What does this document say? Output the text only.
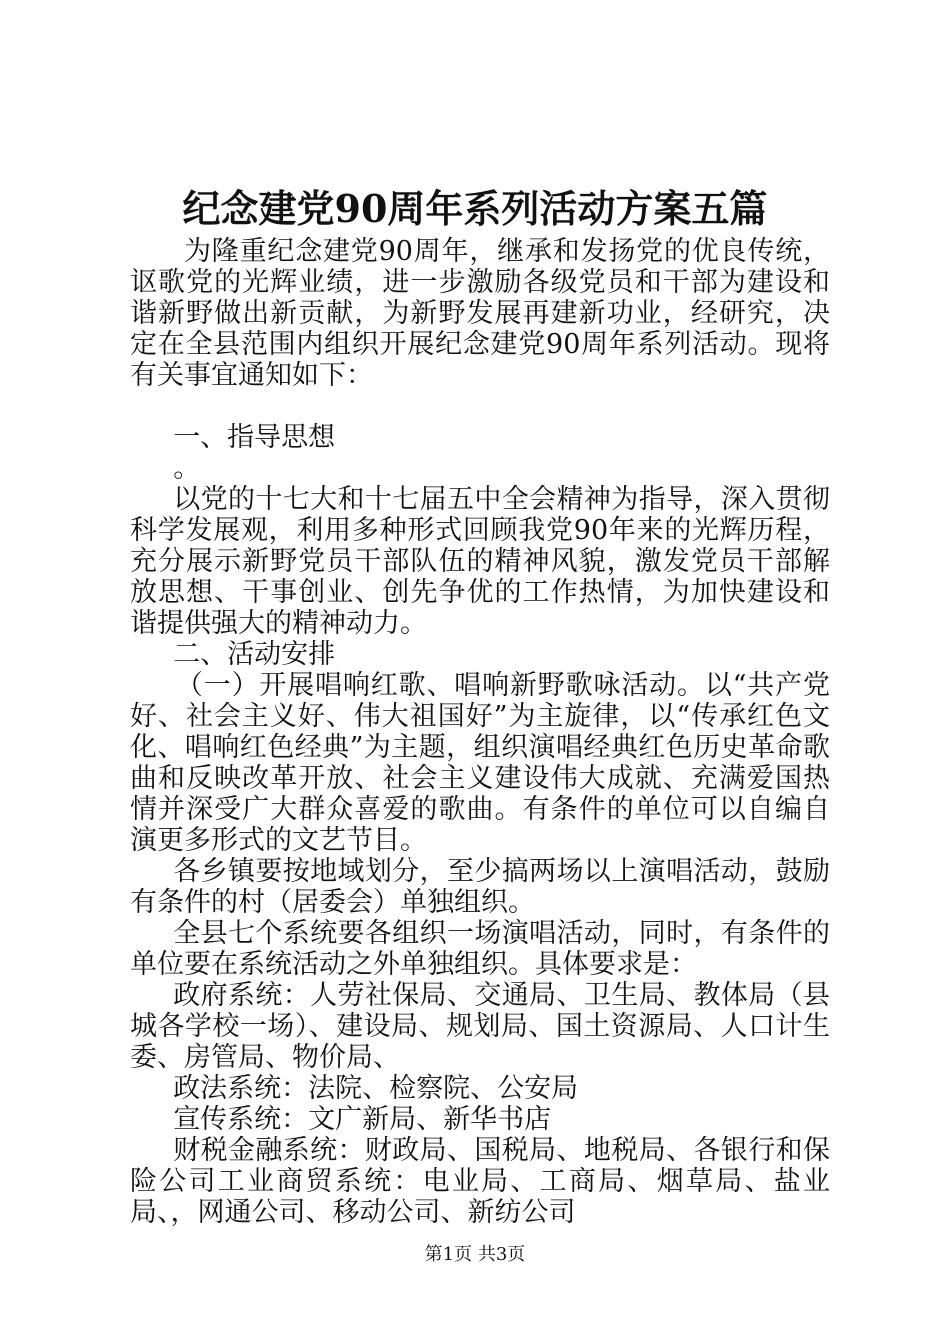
纪念建党90周年系列活动方案五篇

为隆重纪念建党90周年，继承和发扬党的优良传统，讴歌党的光辉业绩，进一步激励各级党员和干部为建设和谐新野做出新贡献，为新野发展再建新功业，经研究，决定在全县范围内组织开展纪念建党90周年系列活动。现将有关事宜通知如下：

一、指导思想

。

以党的十七大和十七届五中全会精神为指导，深入贯彻科学发展观，利用多种形式回顾我党90年来的光辉历程，充分展示新野党员干部队伍的精神风貌，激发党员干部解放思想、干事创业、创先争优的工作热情，为加快建设和谐提供强大的精神动力。

二、活动安排

（一）开展唱响红歌、唱响新野歌咏活动。以“共产党好、社会主义好、伟大祖国好”为主旋律，以“传承红色文化、唱响红色经典”为主题，组织演唱经典红色历史革命歌曲和反映改革开放、社会主义建设伟大成就、充满爱国热情并深受广大群众喜爱的歌曲。有条件的单位可以自编自演更多形式的文艺节目。

各乡镇要按地域划分，至少搞两场以上演唱活动，鼓励有条件的村（居委会）单独组织。

全县七个系统要各组织一场演唱活动，同时，有条件的单位要在系统活动之外单独组织。具体要求是：

政府系统：人劳社保局、交通局、卫生局、教体局（县城各学校一场）、建设局、规划局、国土资源局、人口计生委、房管局、物价局、

政法系统：法院、检察院、公安局

宣传系统：文广新局、新华书店

财税金融系统：财政局、国税局、地税局、各银行和保险公司工业商贸系统：电业局、工商局、烟草局、盐业局、，网通公司、移动公司、新纺公司

第1页 共3页
